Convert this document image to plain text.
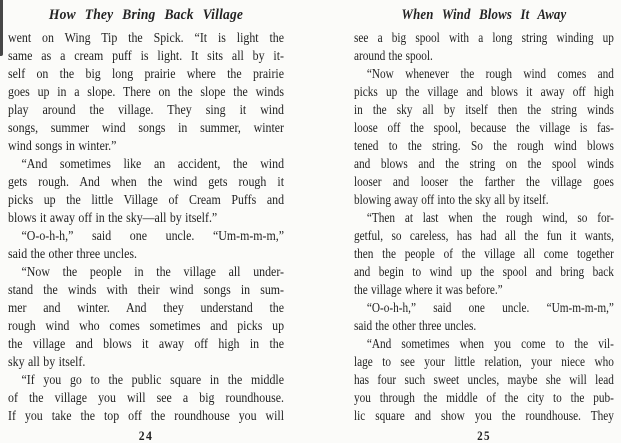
How They Bring Back Village
went on Wing Tip the Spick. “It is light the
same as a cream puff is light. It sits all by it-
self on the big long prairie where the prairie
goes up in a slope. There on the slope the winds
play around the village. They sing it wind
songs, summer wind songs in summer, winter
wind songs in winter.”
“And sometimes like an accident, the wind
gets rough. And when the wind gets rough it
picks up the little Village of Cream Puffs and
blows it away off in the sky—all by itself.”
“O-o-h-h,” said one uncle. “Um-m-m-m,”
said the other three uncles.
“Now the people in the village all under-
stand the winds with their wind songs in sum-
mer and winter. And they understand the
rough wind who comes sometimes and picks up
the village and blows it away off high in the
sky all by itself.
“If you go to the public square in the middle
of the village you will see a big roundhouse.
If you take the top off the roundhouse you will
24
When Wind Blows It Away
see a big spool with a long string winding up
around the spool.
“Now whenever the rough wind comes and
picks up the village and blows it away off high
in the sky all by itself then the string winds
loose off the spool, because the village is fas-
tened to the string. So the rough wind blows
and blows and the string on the spool winds
looser and looser the farther the village goes
blowing away off into the sky all by itself.
“Then at last when the rough wind, so for-
getful, so careless, has had all the fun it wants,
then the people of the village all come together
and begin to wind up the spool and bring back
the village where it was before.”
“O-o-h-h,” said one uncle. “Um-m-m-m,”
said the other three uncles.
“And sometimes when you come to the vil-
lage to see your little relation, your niece who
has four such sweet uncles, maybe she will lead
you through the middle of the city to the pub-
lic square and show you the roundhouse. They
25
